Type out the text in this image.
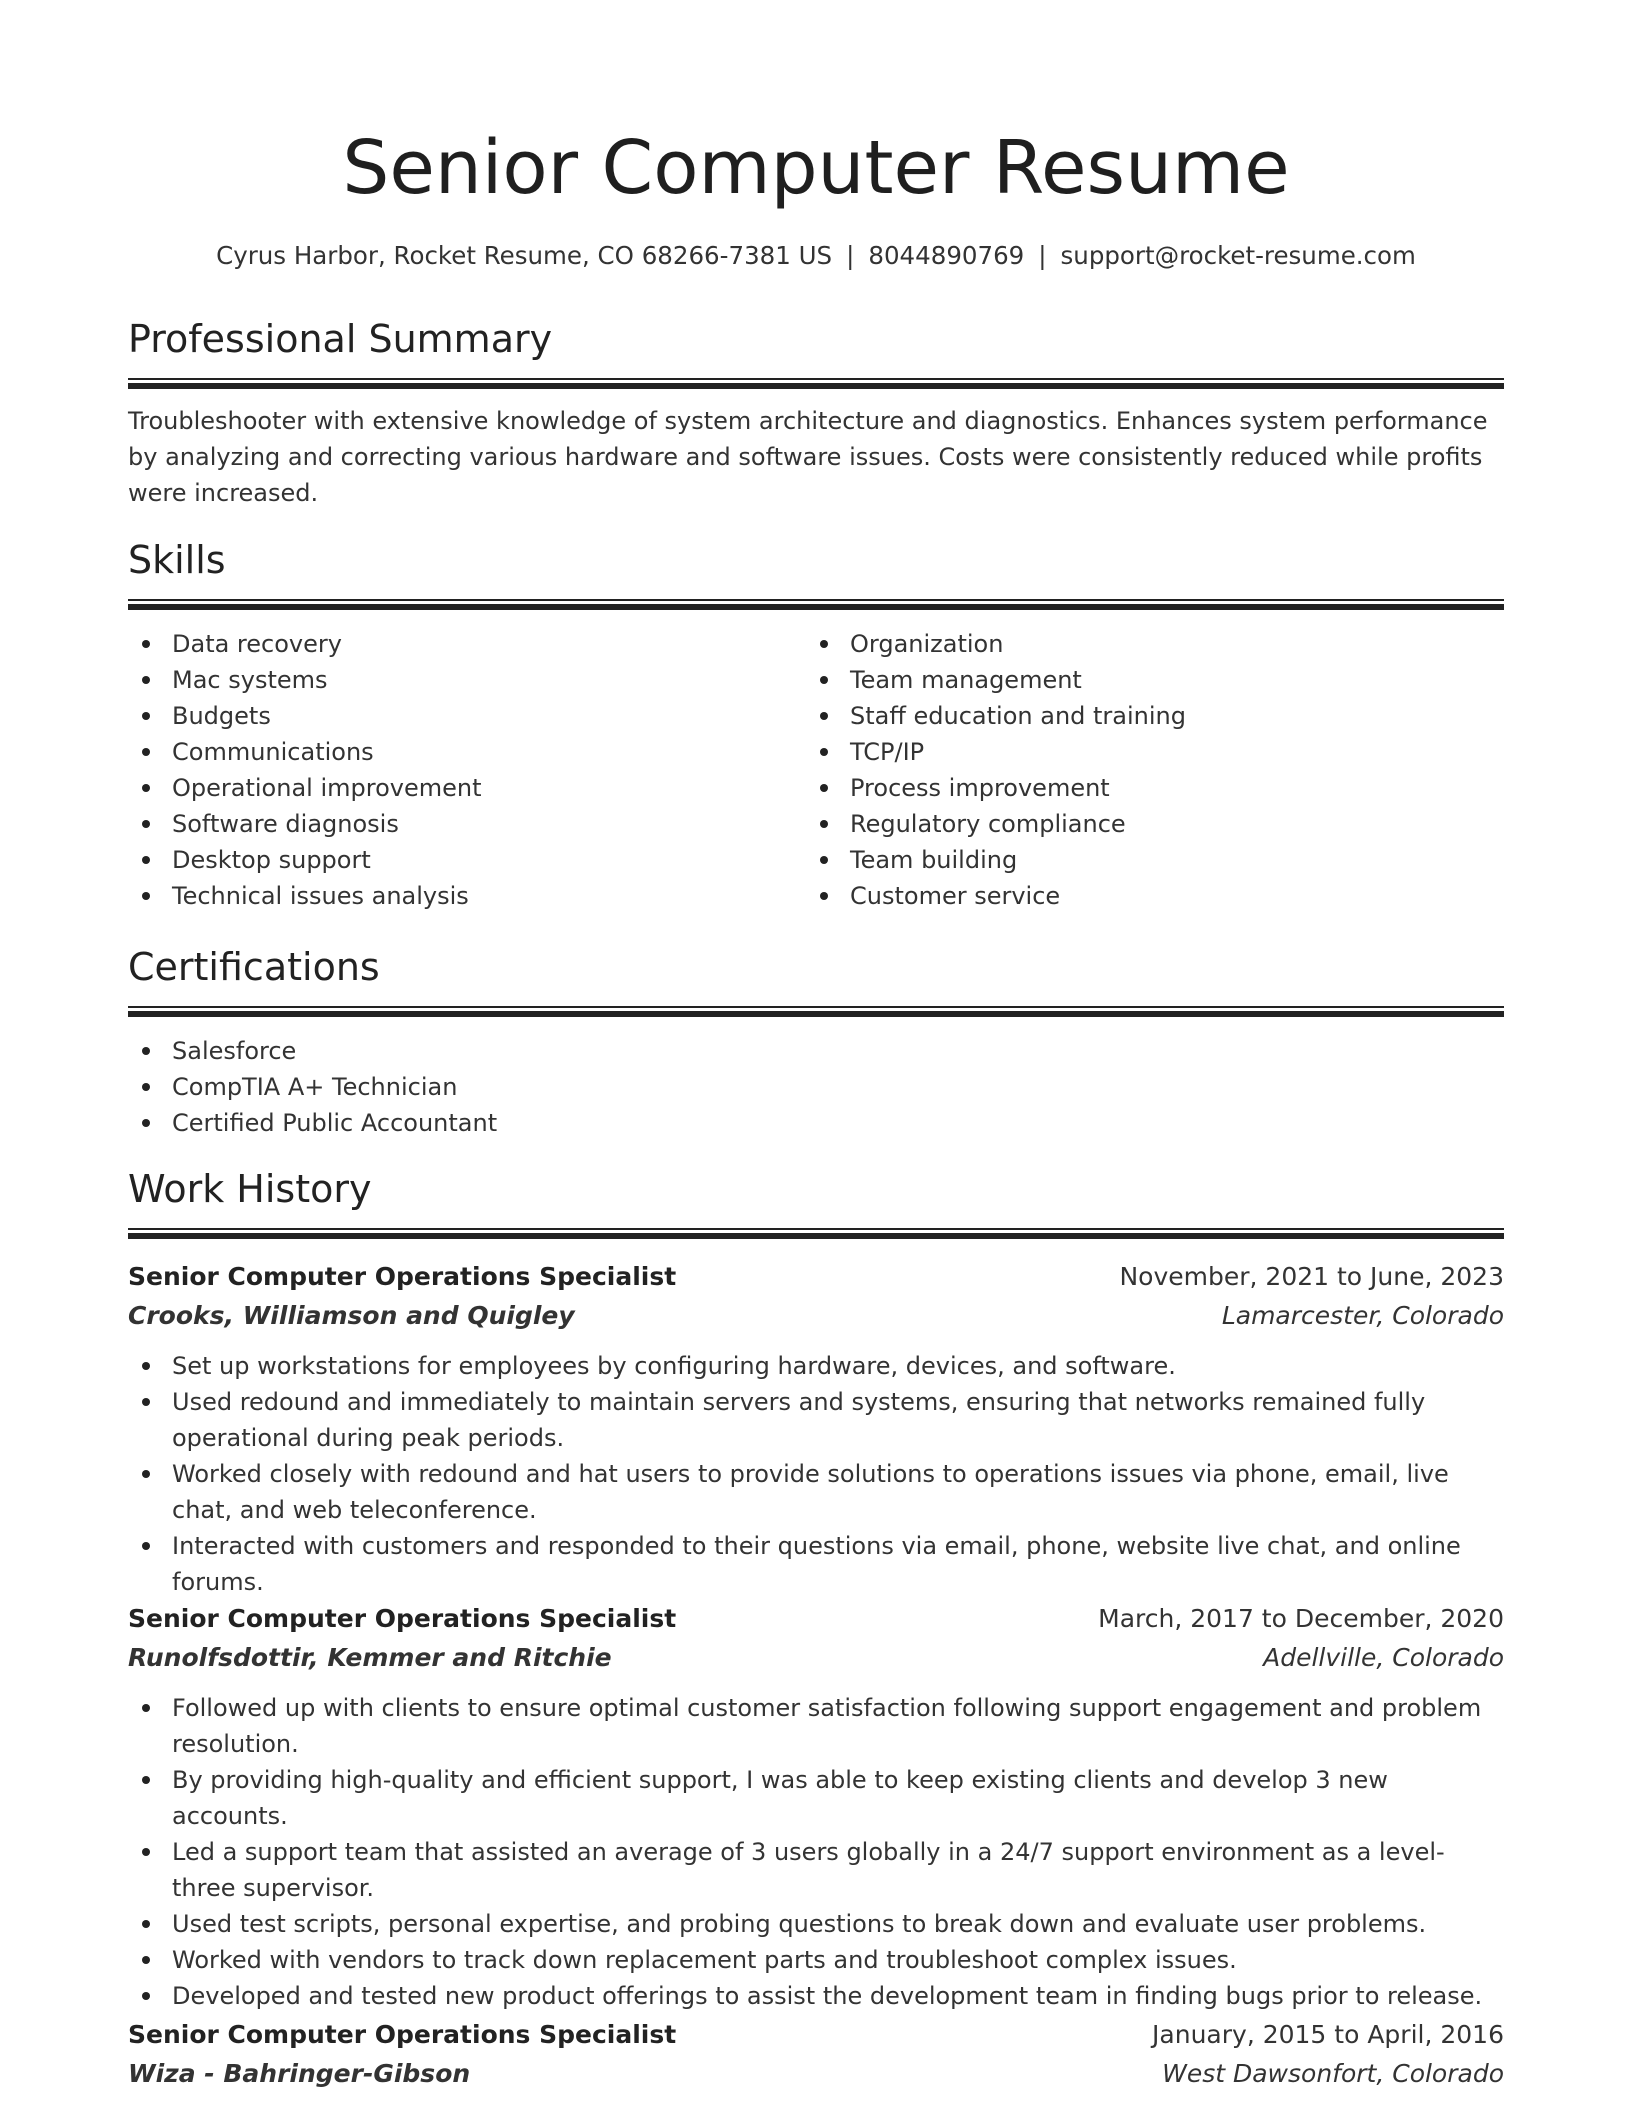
Senior Computer Resume
Cyrus Harbor, Rocket Resume, CO 68266-7381 US | 8044890769 | support@rocket-resume.com
Professional Summary

Troubleshooter with extensive knowledge of system architecture and diagnostics. Enhances system performance by analyzing and correcting various hardware and software issues. Costs were consistently reduced while profits were increased.

Skills
Data recovery
Mac systems
Budgets
Communications
Operational improvement
Software diagnosis
Desktop support
Technical issues analysis
Organization
Team management
Staff education and training
TCP/IP
Process improvement
Regulatory compliance
Team building
Customer service
Certifications
Salesforce
CompTIA A+ Technician
Certified Public Accountant
Work History
Senior Computer Operations Specialist	November, 2021 to June, 2023
Crooks, Williamson and Quigley	Lamarcester, Colorado
Set up workstations for employees by configuring hardware, devices, and software.
Used redound and immediately to maintain servers and systems, ensuring that networks remained fully operational during peak periods.
Worked closely with redound and hat users to provide solutions to operations issues via phone, email, live chat, and web teleconference.
Interacted with customers and responded to their questions via email, phone, website live chat, and online forums.
Senior Computer Operations Specialist	March, 2017 to December, 2020
Runolfsdottir, Kemmer and Ritchie	Adellville, Colorado
Followed up with clients to ensure optimal customer satisfaction following support engagement and problem resolution.
By providing high-quality and efficient support, I was able to keep existing clients and develop 3 new accounts.
Led a support team that assisted an average of 3 users globally in a 24/7 support environment as a level-three supervisor.
Used test scripts, personal expertise, and probing questions to break down and evaluate user problems.
Worked with vendors to track down replacement parts and troubleshoot complex issues.
Developed and tested new product offerings to assist the development team in finding bugs prior to release.
Senior Computer Operations Specialist	January, 2015 to April, 2016
Wiza - Bahringer-Gibson	West Dawsonfort, Colorado
